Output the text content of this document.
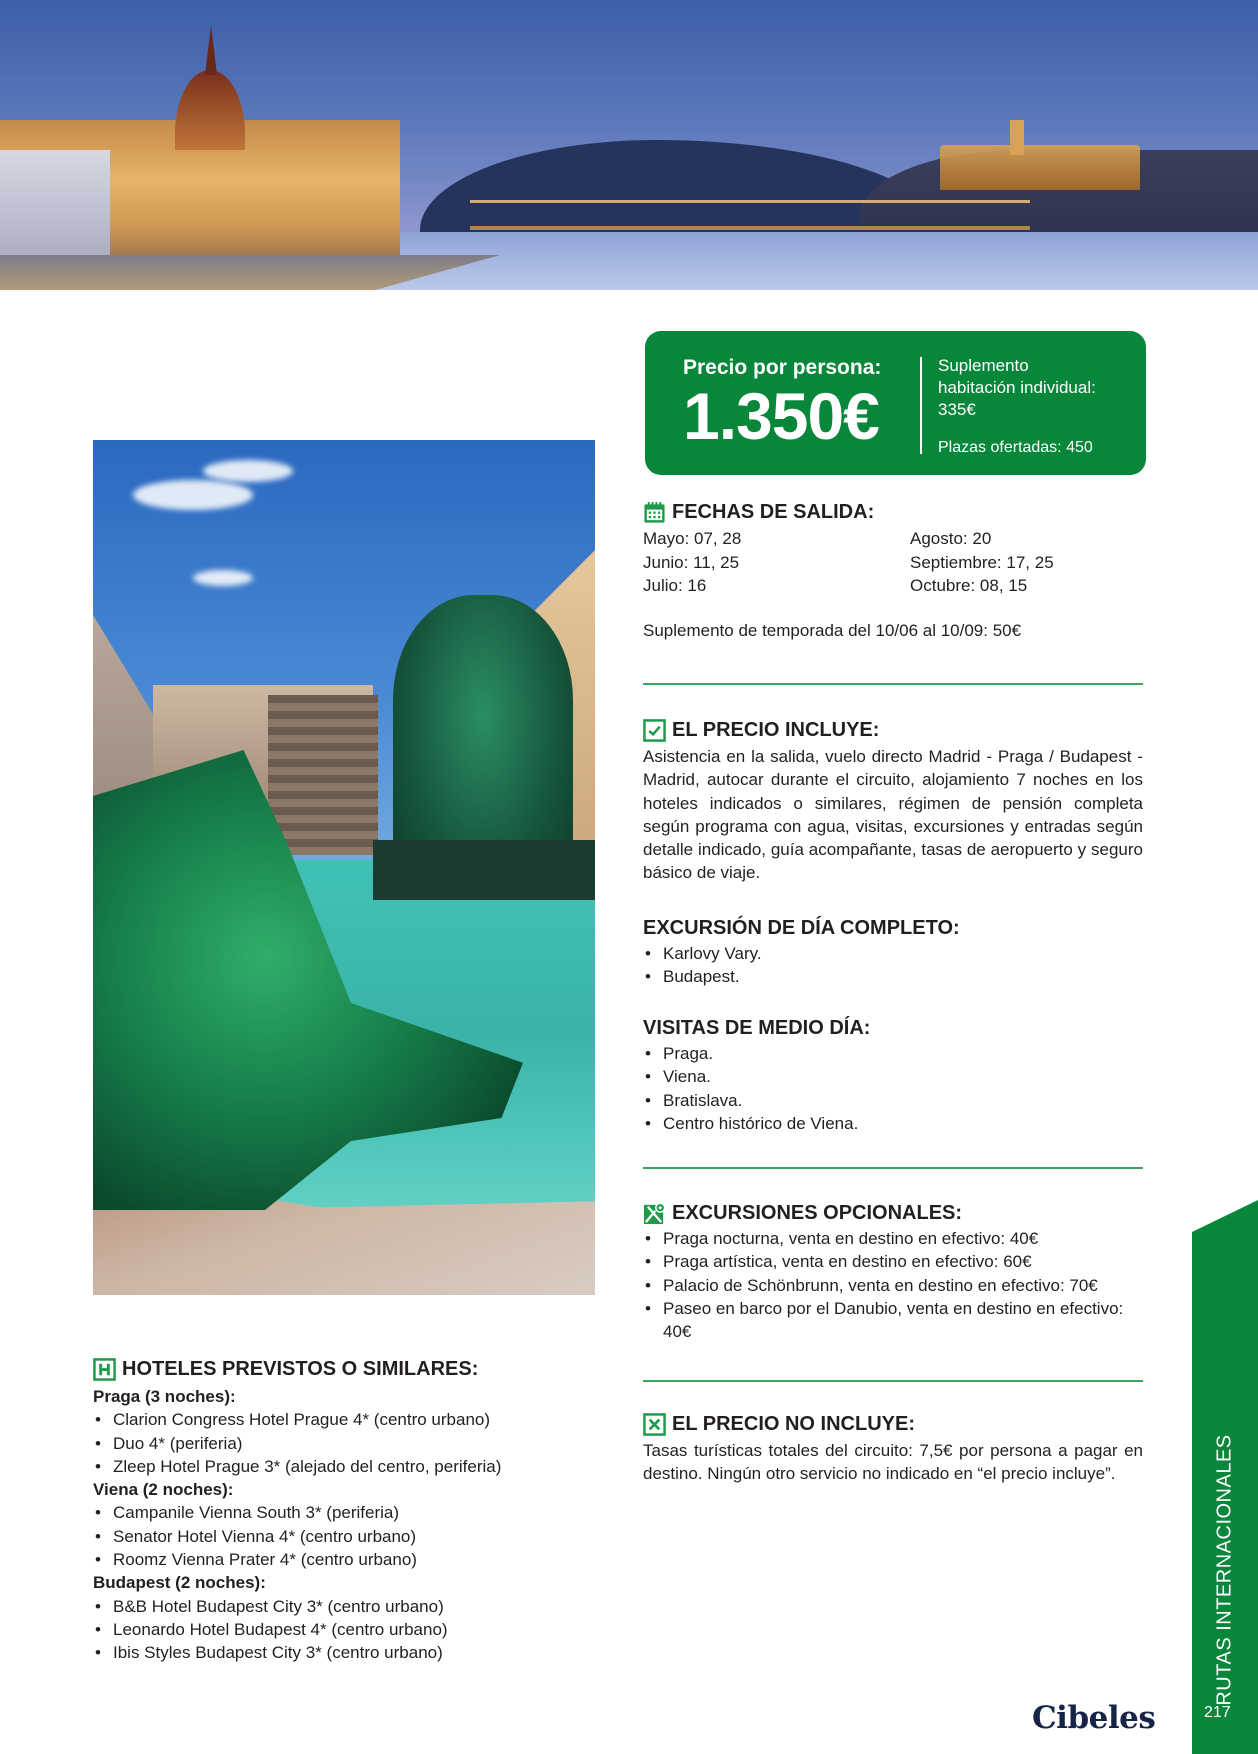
Precio por persona:
1.350€
Suplemento
habitación individual:
335€
Plazas ofertadas: 450
FECHAS DE SALIDA:
Mayo: 07, 28	Agosto: 20
Junio: 11, 25	Septiembre: 17, 25
Julio: 16	Octubre: 08, 15
Suplemento de temporada del 10/06 al 10/09: 50€
EL PRECIO INCLUYE:
Asistencia en la salida, vuelo directo Madrid - Praga / Budapest - Madrid, autocar durante el circuito, alojamiento 7 noches en los hoteles indicados o similares, régimen de pensión completa según programa con agua, visitas, excursiones y entradas según detalle indicado, guía acompañante, tasas de aeropuerto y seguro básico de viaje.
EXCURSIÓN DE DÍA COMPLETO:
• Karlovy Vary.
• Budapest.
VISITAS DE MEDIO DÍA:
• Praga.
• Viena.
• Bratislava.
• Centro histórico de Viena.
EXCURSIONES OPCIONALES:
• Praga nocturna, venta en destino en efectivo: 40€
• Praga artística, venta en destino en efectivo: 60€
• Palacio de Schönbrunn, venta en destino en efectivo: 70€
• Paseo en barco por el Danubio, venta en destino en efectivo: 40€
EL PRECIO NO INCLUYE:
Tasas turísticas totales del circuito: 7,5€ por persona a pagar en destino. Ningún otro servicio no indicado en “el precio incluye”.
HOTELES PREVISTOS O SIMILARES:
Praga (3 noches):
• Clarion Congress Hotel Prague 4* (centro urbano)
• Duo 4* (periferia)
• Zleep Hotel Prague 3* (alejado del centro, periferia)
Viena (2 noches):
• Campanile Vienna South 3* (periferia)
• Senator Hotel Vienna 4* (centro urbano)
• Roomz Vienna Prater 4* (centro urbano)
Budapest (2 noches):
• B&B Hotel Budapest City 3* (centro urbano)
• Leonardo Hotel Budapest 4* (centro urbano)
• Ibis Styles Budapest City 3* (centro urbano)	RUTAS INTERNACIONALES
217
Cibeles
